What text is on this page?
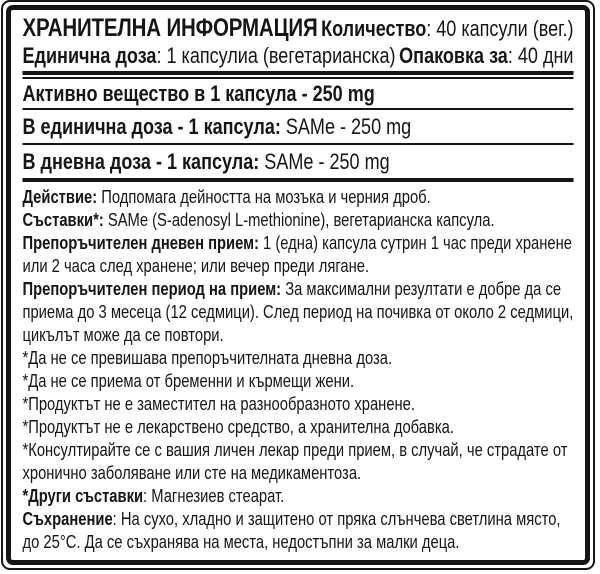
ХРАНИТЕЛНА ИНФОРМАЦИЯ Количество: 40 капсули (вег.)
Единична доза: 1 капсулиа (вегетарианска) Опаковка за: 40 дни
Активно вещество в 1 капсула - 250 mg
В единична доза - 1 капсула: SAMe - 250 mg
В дневна доза - 1 капсула: SAMe - 250 mg

Действие: Подпомага дейността на мозъка и черния дроб.

Съставки*: SAMe (S-adenosyl L-methionine), вегетарианска капсула.

Препоръчителен дневен прием: 1 (една) капсула сутрин 1 час преди хранене или 2 часа след хранене; или вечер преди лягане.

Препоръчителен период на прием: За максимални резултати е добре да се приема до 3 месеца (12 седмици). След период на почивка от около 2 седмици, цикълът може да се повтори.

*Да не се превишава препоръчителната дневна доза.

*Да не се приема от бременни и кърмещи жени.

*Продуктът не е заместител на разнообразното хранене.

*Продуктът не е лекарствено средство, а хранителна добавка.

*Консултирайте се с вашия личен лекар преди прием, в случай, че страдате от хронично заболяване или сте на медикаментоза.

*Други съставки: Магнезиев стеарат.

Съхранение: На сухо, хладно и защитено от пряка слънчева светлина място, до 25°C. Да се съхранява на места, недостъпни за малки деца.
